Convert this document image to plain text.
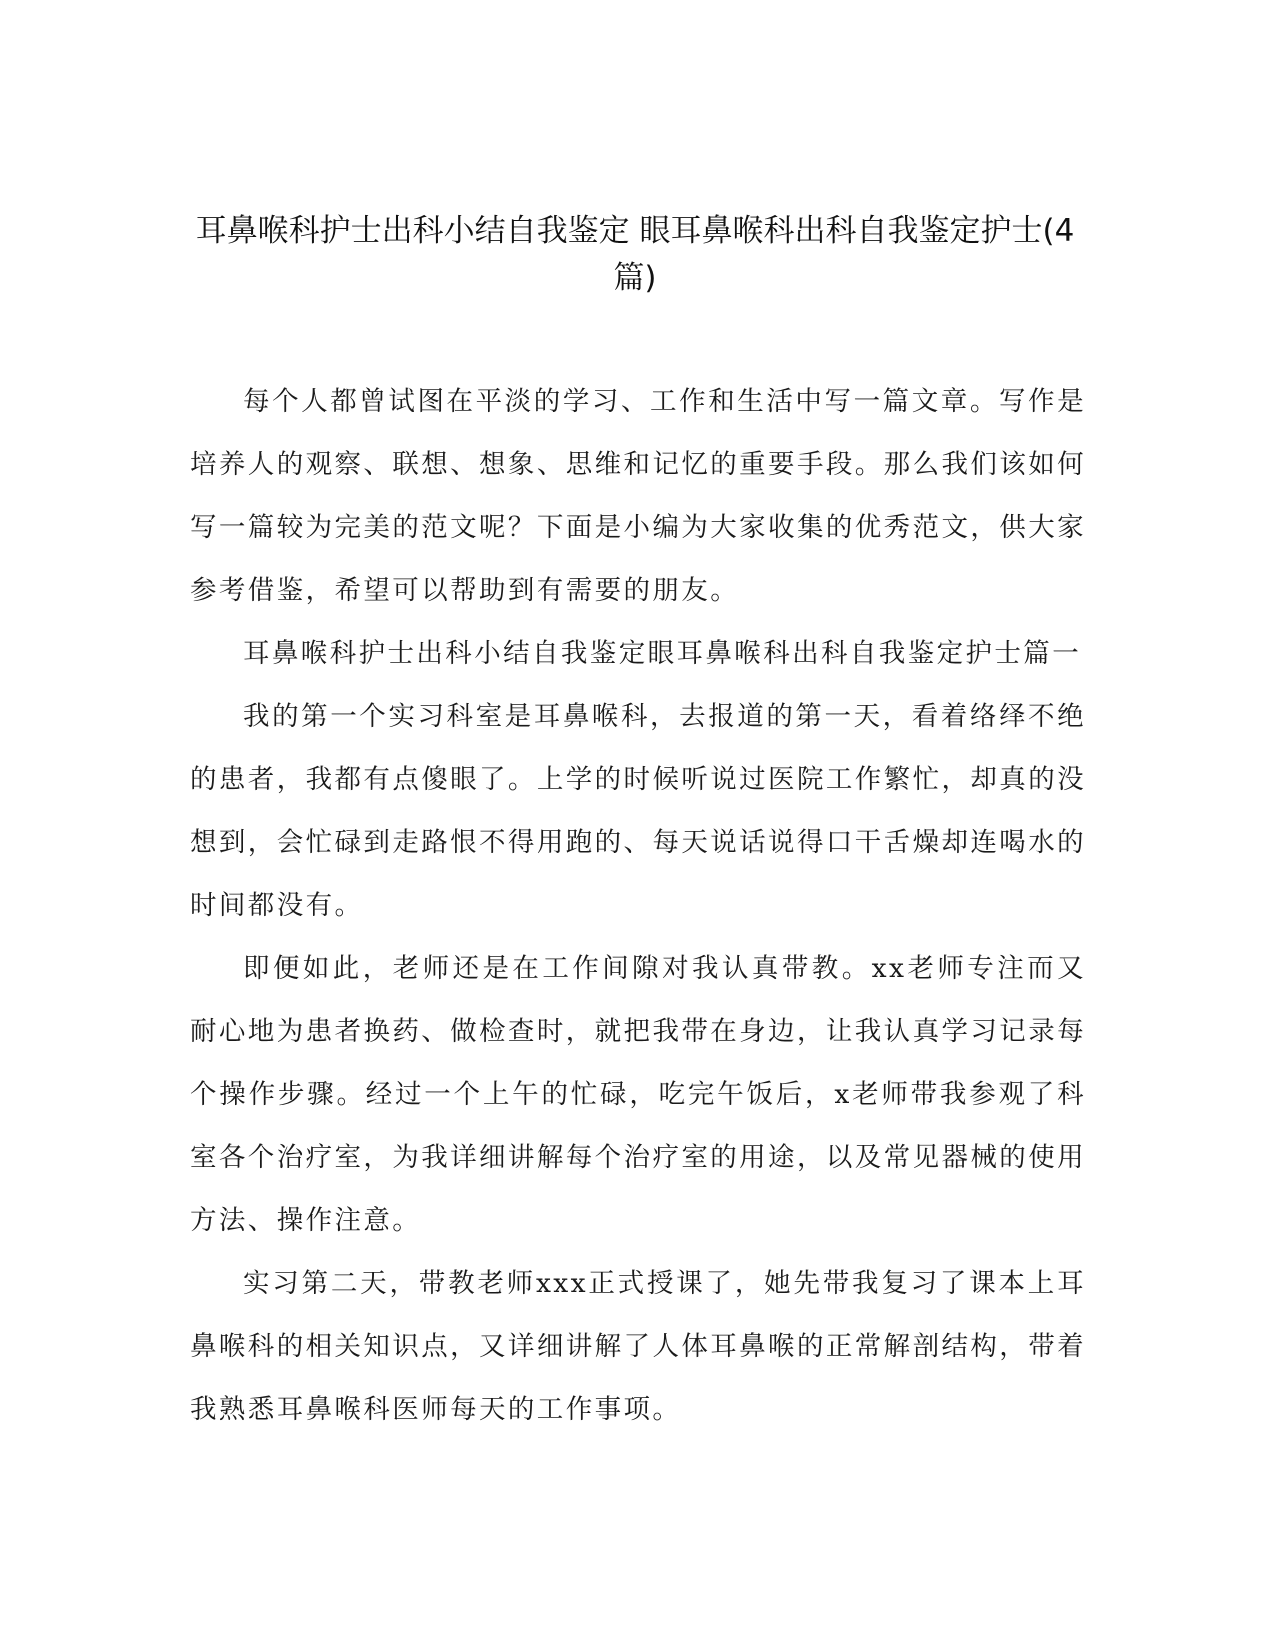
耳鼻喉科护士出科小结自我鉴定 眼耳鼻喉科出科自我鉴定护士(4篇)

每个人都曾试图在平淡的学习、工作和生活中写一篇文章。写作是培养人的观察、联想、想象、思维和记忆的重要手段。那么我们该如何写一篇较为完美的范文呢？下面是小编为大家收集的优秀范文，供大家参考借鉴，希望可以帮助到有需要的朋友。

耳鼻喉科护士出科小结自我鉴定眼耳鼻喉科出科自我鉴定护士篇一

我的第一个实习科室是耳鼻喉科，去报道的第一天，看着络绎不绝的患者，我都有点傻眼了。上学的时候听说过医院工作繁忙，却真的没想到，会忙碌到走路恨不得用跑的、每天说话说得口干舌燥却连喝水的时间都没有。

即便如此，老师还是在工作间隙对我认真带教。xx老师专注而又耐心地为患者换药、做检查时，就把我带在身边，让我认真学习记录每个操作步骤。经过一个上午的忙碌，吃完午饭后，x老师带我参观了科室各个治疗室，为我详细讲解每个治疗室的用途，以及常见器械的使用方法、操作注意。

实习第二天，带教老师xxx正式授课了，她先带我复习了课本上耳鼻喉科的相关知识点，又详细讲解了人体耳鼻喉的正常解剖结构，带着我熟悉耳鼻喉科医师每天的工作事项。
